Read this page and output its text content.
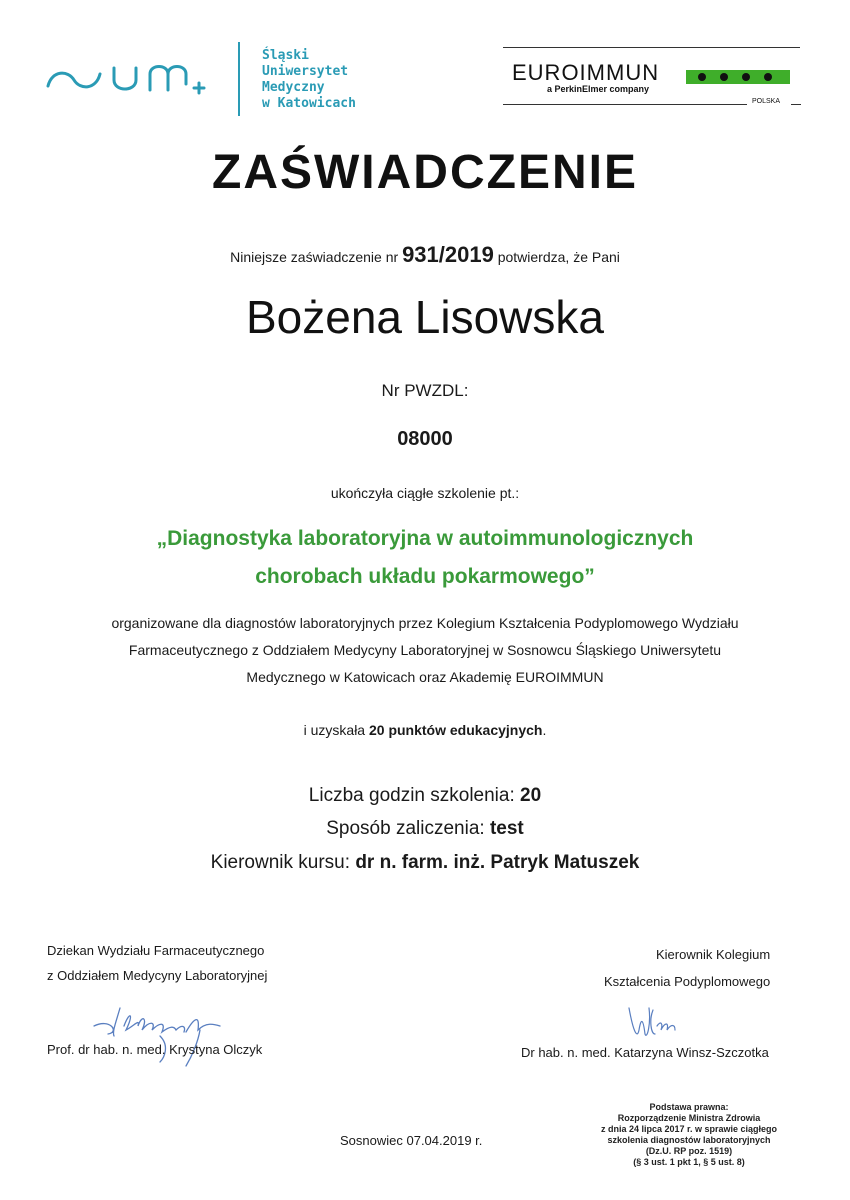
Śląski
Uniwersytet
Medyczny
w Katowicach
EUROIMMUN
a PerkinElmer company
POLSKA
ZAŚWIADCZENIE
Niniejsze zaświadczenie nr 931/2019 potwierdza, że Pani
Bożena Lisowska
Nr PWZDL:
08000
ukończyła ciągłe szkolenie pt.:
„Diagnostyka laboratoryjna w autoimmunologicznych
chorobach układu pokarmowego”
organizowane dla diagnostów laboratoryjnych przez Kolegium Kształcenia Podyplomowego Wydziału
Farmaceutycznego z Oddziałem Medycyny Laboratoryjnej w Sosnowcu Śląskiego Uniwersytetu
Medycznego w Katowicach oraz Akademię EUROIMMUN
i uzyskała 20 punktów edukacyjnych.
Liczba godzin szkolenia: 20
Sposób zaliczenia: test
Kierownik kursu: dr n. farm. inż. Patryk Matuszek
Dziekan Wydziału Farmaceutycznego
z Oddziałem Medycyny Laboratoryjnej
Prof. dr hab. n. med. Krystyna Olczyk
Kierownik Kolegium
Kształcenia Podyplomowego
Dr hab. n. med. Katarzyna Winsz-Szczotka
Sosnowiec 07.04.2019 r.
Podstawa prawna:
Rozporządzenie Ministra Zdrowia
z dnia 24 lipca 2017 r. w sprawie ciągłego
szkolenia diagnostów laboratoryjnych
(Dz.U. RP poz. 1519)
(§ 3 ust. 1 pkt 1, § 5 ust. 8)
